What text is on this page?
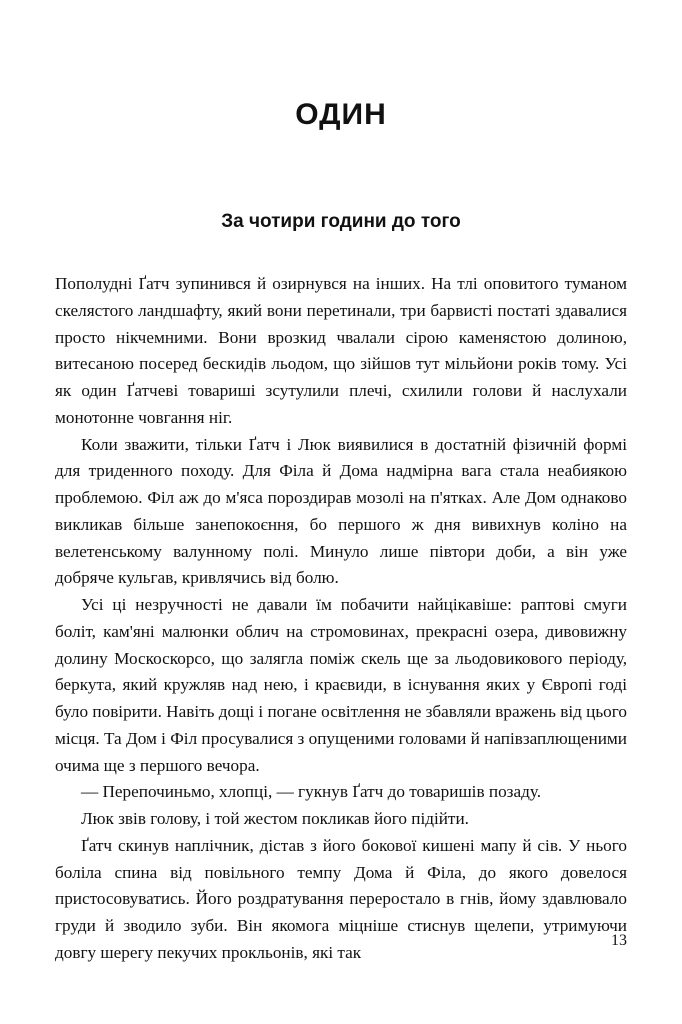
ОДИН
За чотири години до того

Пополудні Ґатч зупинився й озирнувся на інших. На тлі оповитого туманом скелястого ландшафту, який вони перетинали, три барвисті постаті здавалися просто нікчемними. Вони врозкид чвалали сірою каменястою долиною, витесаною посеред бескидів льодом, що зійшов тут мільйони років тому. Усі як один Ґатчеві товариші зсутулили плечі, схилили голови й наслухали монотонне човгання ніг.

Коли зважити, тільки Ґатч і Люк виявилися в достатній фізичній формі для триденного походу. Для Філа й Дома надмірна вага стала неабиякою проблемою. Філ аж до м'яса пороздирав мозолі на п'ятках. Але Дом однаково викликав більше занепокоєння, бо першого ж дня вивихнув коліно на велетенському валунному полі. Минуло лише півтори доби, а він уже добряче кульгав, кривлячись від болю.

Усі ці незручності не давали їм побачити найцікавіше: раптові смуги боліт, кам'яні малюнки облич на стромовинах, прекрасні озера, дивовижну долину Москоскорсо, що залягла поміж скель ще за льодовикового періоду, беркута, який кружляв над нею, і краєвиди, в існування яких у Європі годі було повірити. Навіть дощі і погане освітлення не збавляли вражень від цього місця. Та Дом і Філ просувалися з опущеними головами й напівзаплющеними очима ще з першого вечора.

— Перепочиньмо, хлопці, — гукнув Ґатч до товаришів позаду.

Люк звів голову, і той жестом покликав його підійти.

Ґатч скинув наплічник, дістав з його бокової кишені мапу й сів. У нього боліла спина від повільного темпу Дома й Філа, до якого довелося пристосовуватись. Його роздратування переростало в гнів, йому здавлювало груди й зводило зуби. Він якомога міцніше стиснув щелепи, утримуючи довгу шерегу пекучих прокльонів, які так

13
